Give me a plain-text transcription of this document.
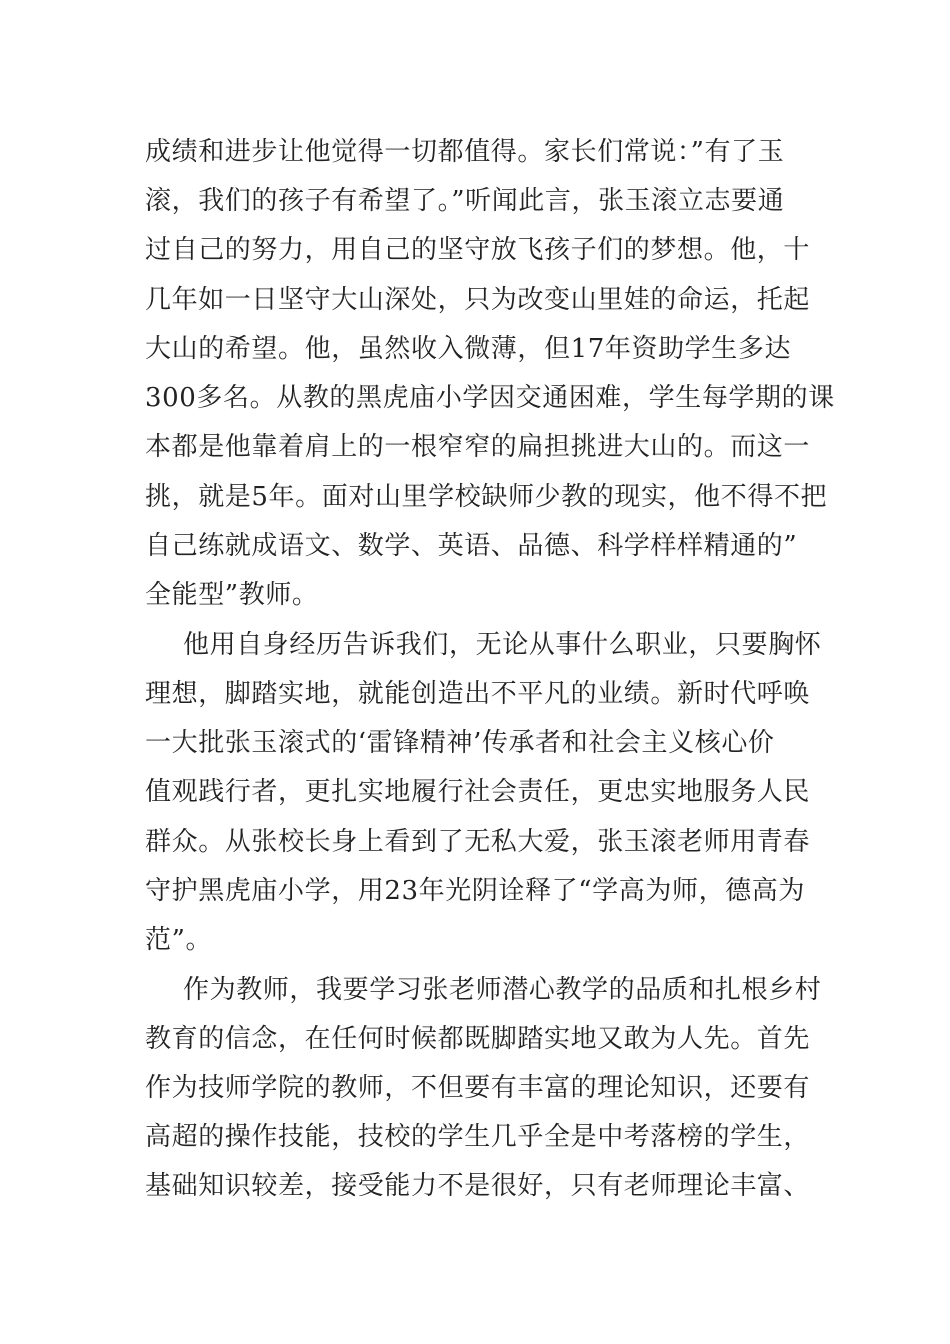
成绩和进步让他觉得一切都值得。家长们常说：”有了玉
滚，我们的孩子有希望了。”听闻此言，张玉滚立志要通
过自己的努力，用自己的坚守放飞孩子们的梦想。他，十
几年如一日坚守大山深处，只为改变山里娃的命运，托起
大山的希望。他，虽然收入微薄，但17年资助学生多达
300多名。从教的黑虎庙小学因交通困难，学生每学期的课
本都是他靠着肩上的一根窄窄的扁担挑进大山的。而这一
挑，就是5年。面对山里学校缺师少教的现实，他不得不把
自己练就成语文、数学、英语、品德、科学样样精通的”
全能型”教师。
他用自身经历告诉我们，无论从事什么职业，只要胸怀
理想，脚踏实地，就能创造出不平凡的业绩。新时代呼唤
一大批张玉滚式的‘雷锋精神’传承者和社会主义核心价
值观践行者，更扎实地履行社会责任，更忠实地服务人民
群众。从张校长身上看到了无私大爱，张玉滚老师用青春
守护黑虎庙小学，用23年光阴诠释了“学高为师，德高为
范”。
作为教师，我要学习张老师潜心教学的品质和扎根乡村
教育的信念，在任何时候都既脚踏实地又敢为人先。首先
作为技师学院的教师，不但要有丰富的理论知识，还要有
高超的操作技能，技校的学生几乎全是中考落榜的学生，
基础知识较差，接受能力不是很好，只有老师理论丰富、
